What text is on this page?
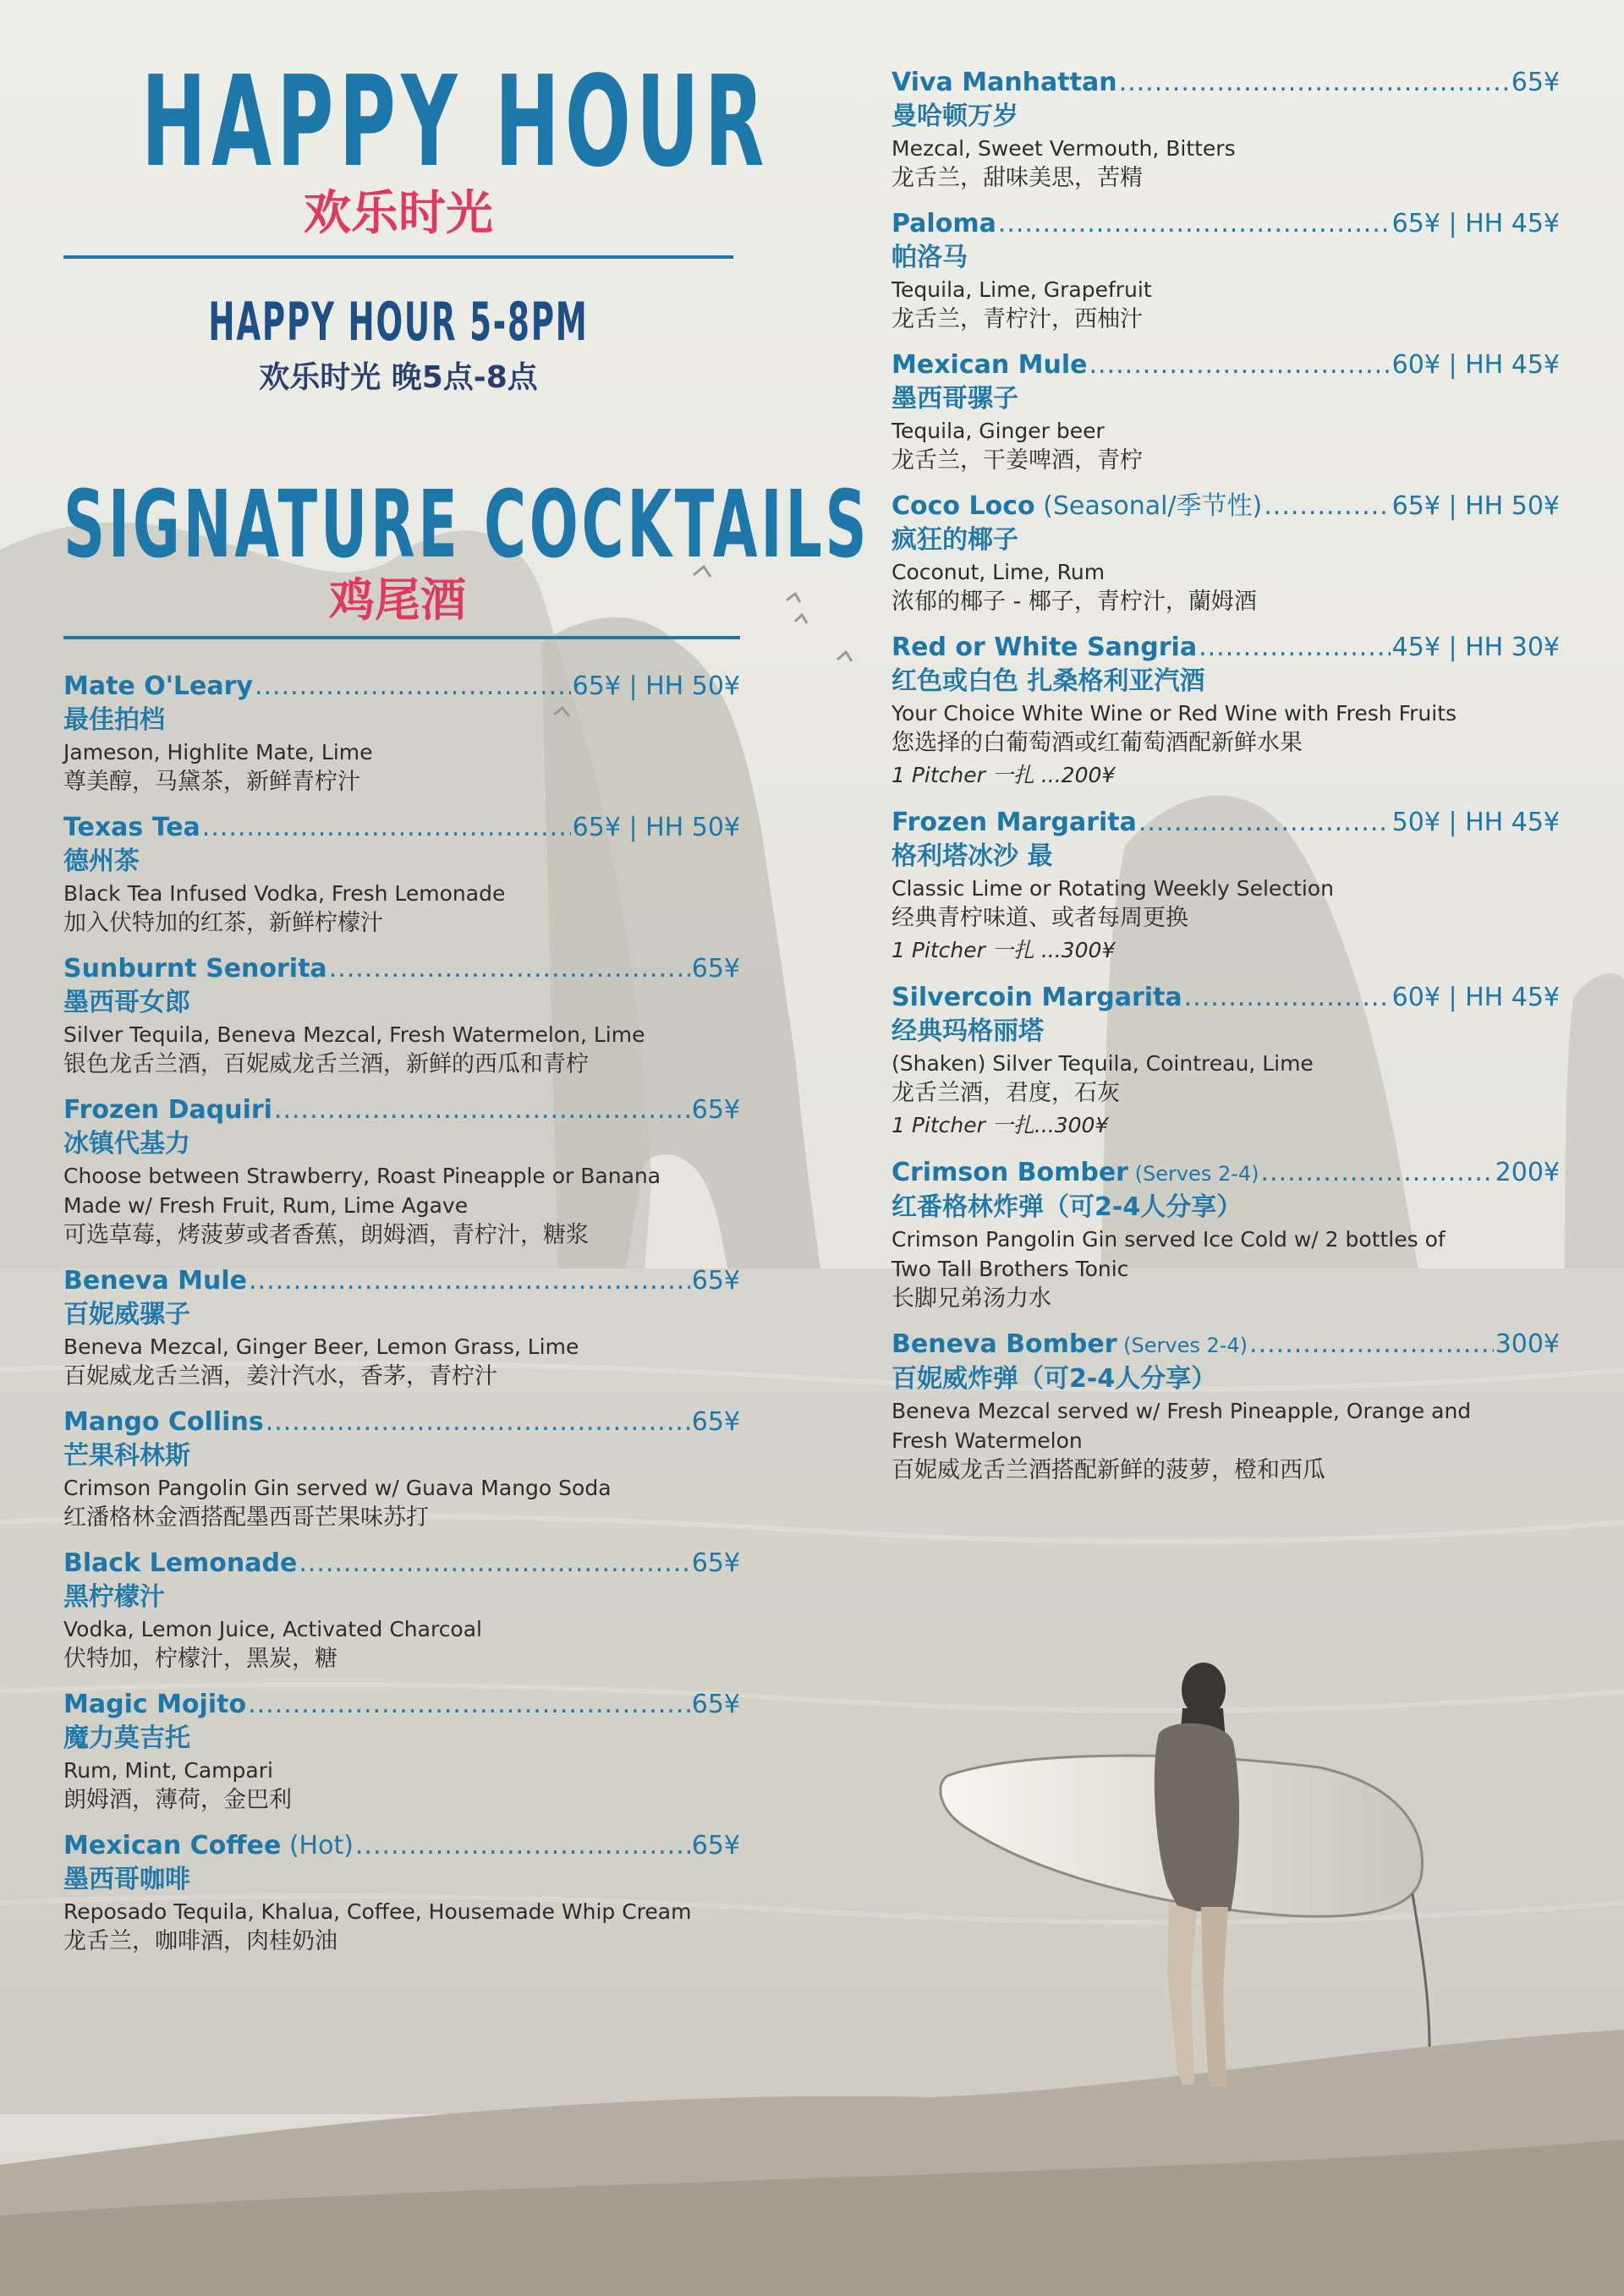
HAPPY HOUR
欢乐时光
HAPPY HOUR 5-8PM
欢乐时光 晚5点-8点
SIGNATURE COCKTAILS
鸡尾酒
Mate O'Leary .....	65¥ | HH 50¥
最佳拍档
Jameson, Highlite Mate, Lime
尊美醇，马黛茶，新鲜青柠汁
Texas Tea .....	65¥ | HH 50¥
德州茶
Black Tea Infused Vodka, Fresh Lemonade
加入伏特加的红茶，新鲜柠檬汁
Sunburnt Senorita .....	65¥
墨西哥女郎
Silver Tequila, Beneva Mezcal, Fresh Watermelon, Lime
银色龙舌兰酒，百妮威龙舌兰酒，新鲜的西瓜和青柠
Frozen Daquiri .....	65¥
冰镇代基力
Choose between Strawberry, Roast Pineapple or Banana
Made w/ Fresh Fruit, Rum, Lime Agave
可选草莓，烤菠萝或者香蕉，朗姆酒，青柠汁，糖浆
Beneva Mule .....	65¥
百妮威骡子
Beneva Mezcal, Ginger Beer, Lemon Grass, Lime
百妮威龙舌兰酒，姜汁汽水，香茅，青柠汁
Mango Collins .....	65¥
芒果科林斯
Crimson Pangolin Gin served w/ Guava Mango Soda
红潘格林金酒搭配墨西哥芒果味苏打
Black Lemonade .....	65¥
黑柠檬汁
Vodka, Lemon Juice, Activated Charcoal
伏特加，柠檬汁，黑炭，糖
Magic Mojito .....	65¥
魔力莫吉托
Rum, Mint, Campari
朗姆酒，薄荷，金巴利
Mexican Coffee (Hot) .....	65¥
墨西哥咖啡
Reposado Tequila, Khalua, Coffee, Housemade Whip Cream
龙舌兰，咖啡酒，肉桂奶油
Viva Manhattan .....	65¥
曼哈顿万岁
Mezcal, Sweet Vermouth, Bitters
龙舌兰，甜味美思，苦精
Paloma .....	65¥ | HH 45¥
帕洛马
Tequila, Lime, Grapefruit
龙舌兰，青柠汁，西柚汁
Mexican Mule .....	60¥ | HH 45¥
墨西哥骡子
Tequila, Ginger beer
龙舌兰，干姜啤酒，青柠
Coco Loco (Seasonal/季节性) .....	65¥ | HH 50¥
疯狂的椰子
Coconut, Lime, Rum
浓郁的椰子 - 椰子，青柠汁，蘭姆酒
Red or White Sangria .....	45¥ | HH 30¥
红色或白色 扎桑格利亚汽酒
Your Choice White Wine or Red Wine with Fresh Fruits
您选择的白葡萄酒或红葡萄酒配新鲜水果
1 Pitcher 一扎 ...200¥
Frozen Margarita .....	50¥ | HH 45¥
格利塔冰沙 最
Classic Lime or Rotating Weekly Selection
经典青柠味道、或者每周更换
1 Pitcher 一扎 ...300¥
Silvercoin Margarita .....	60¥ | HH 45¥
经典玛格丽塔
(Shaken) Silver Tequila, Cointreau, Lime
龙舌兰酒，君度，石灰
1 Pitcher 一扎...300¥
Crimson Bomber (Serves 2-4) .....	200¥
红番格林炸弹（可2-4人分享）
Crimson Pangolin Gin served Ice Cold w/ 2 bottles of
Two Tall Brothers Tonic
长脚兄弟汤力水
Beneva Bomber (Serves 2-4) .....	300¥
百妮威炸弹（可2-4人分享）
Beneva Mezcal served w/ Fresh Pineapple, Orange and
Fresh Watermelon
百妮威龙舌兰酒搭配新鲜的菠萝，橙和西瓜
